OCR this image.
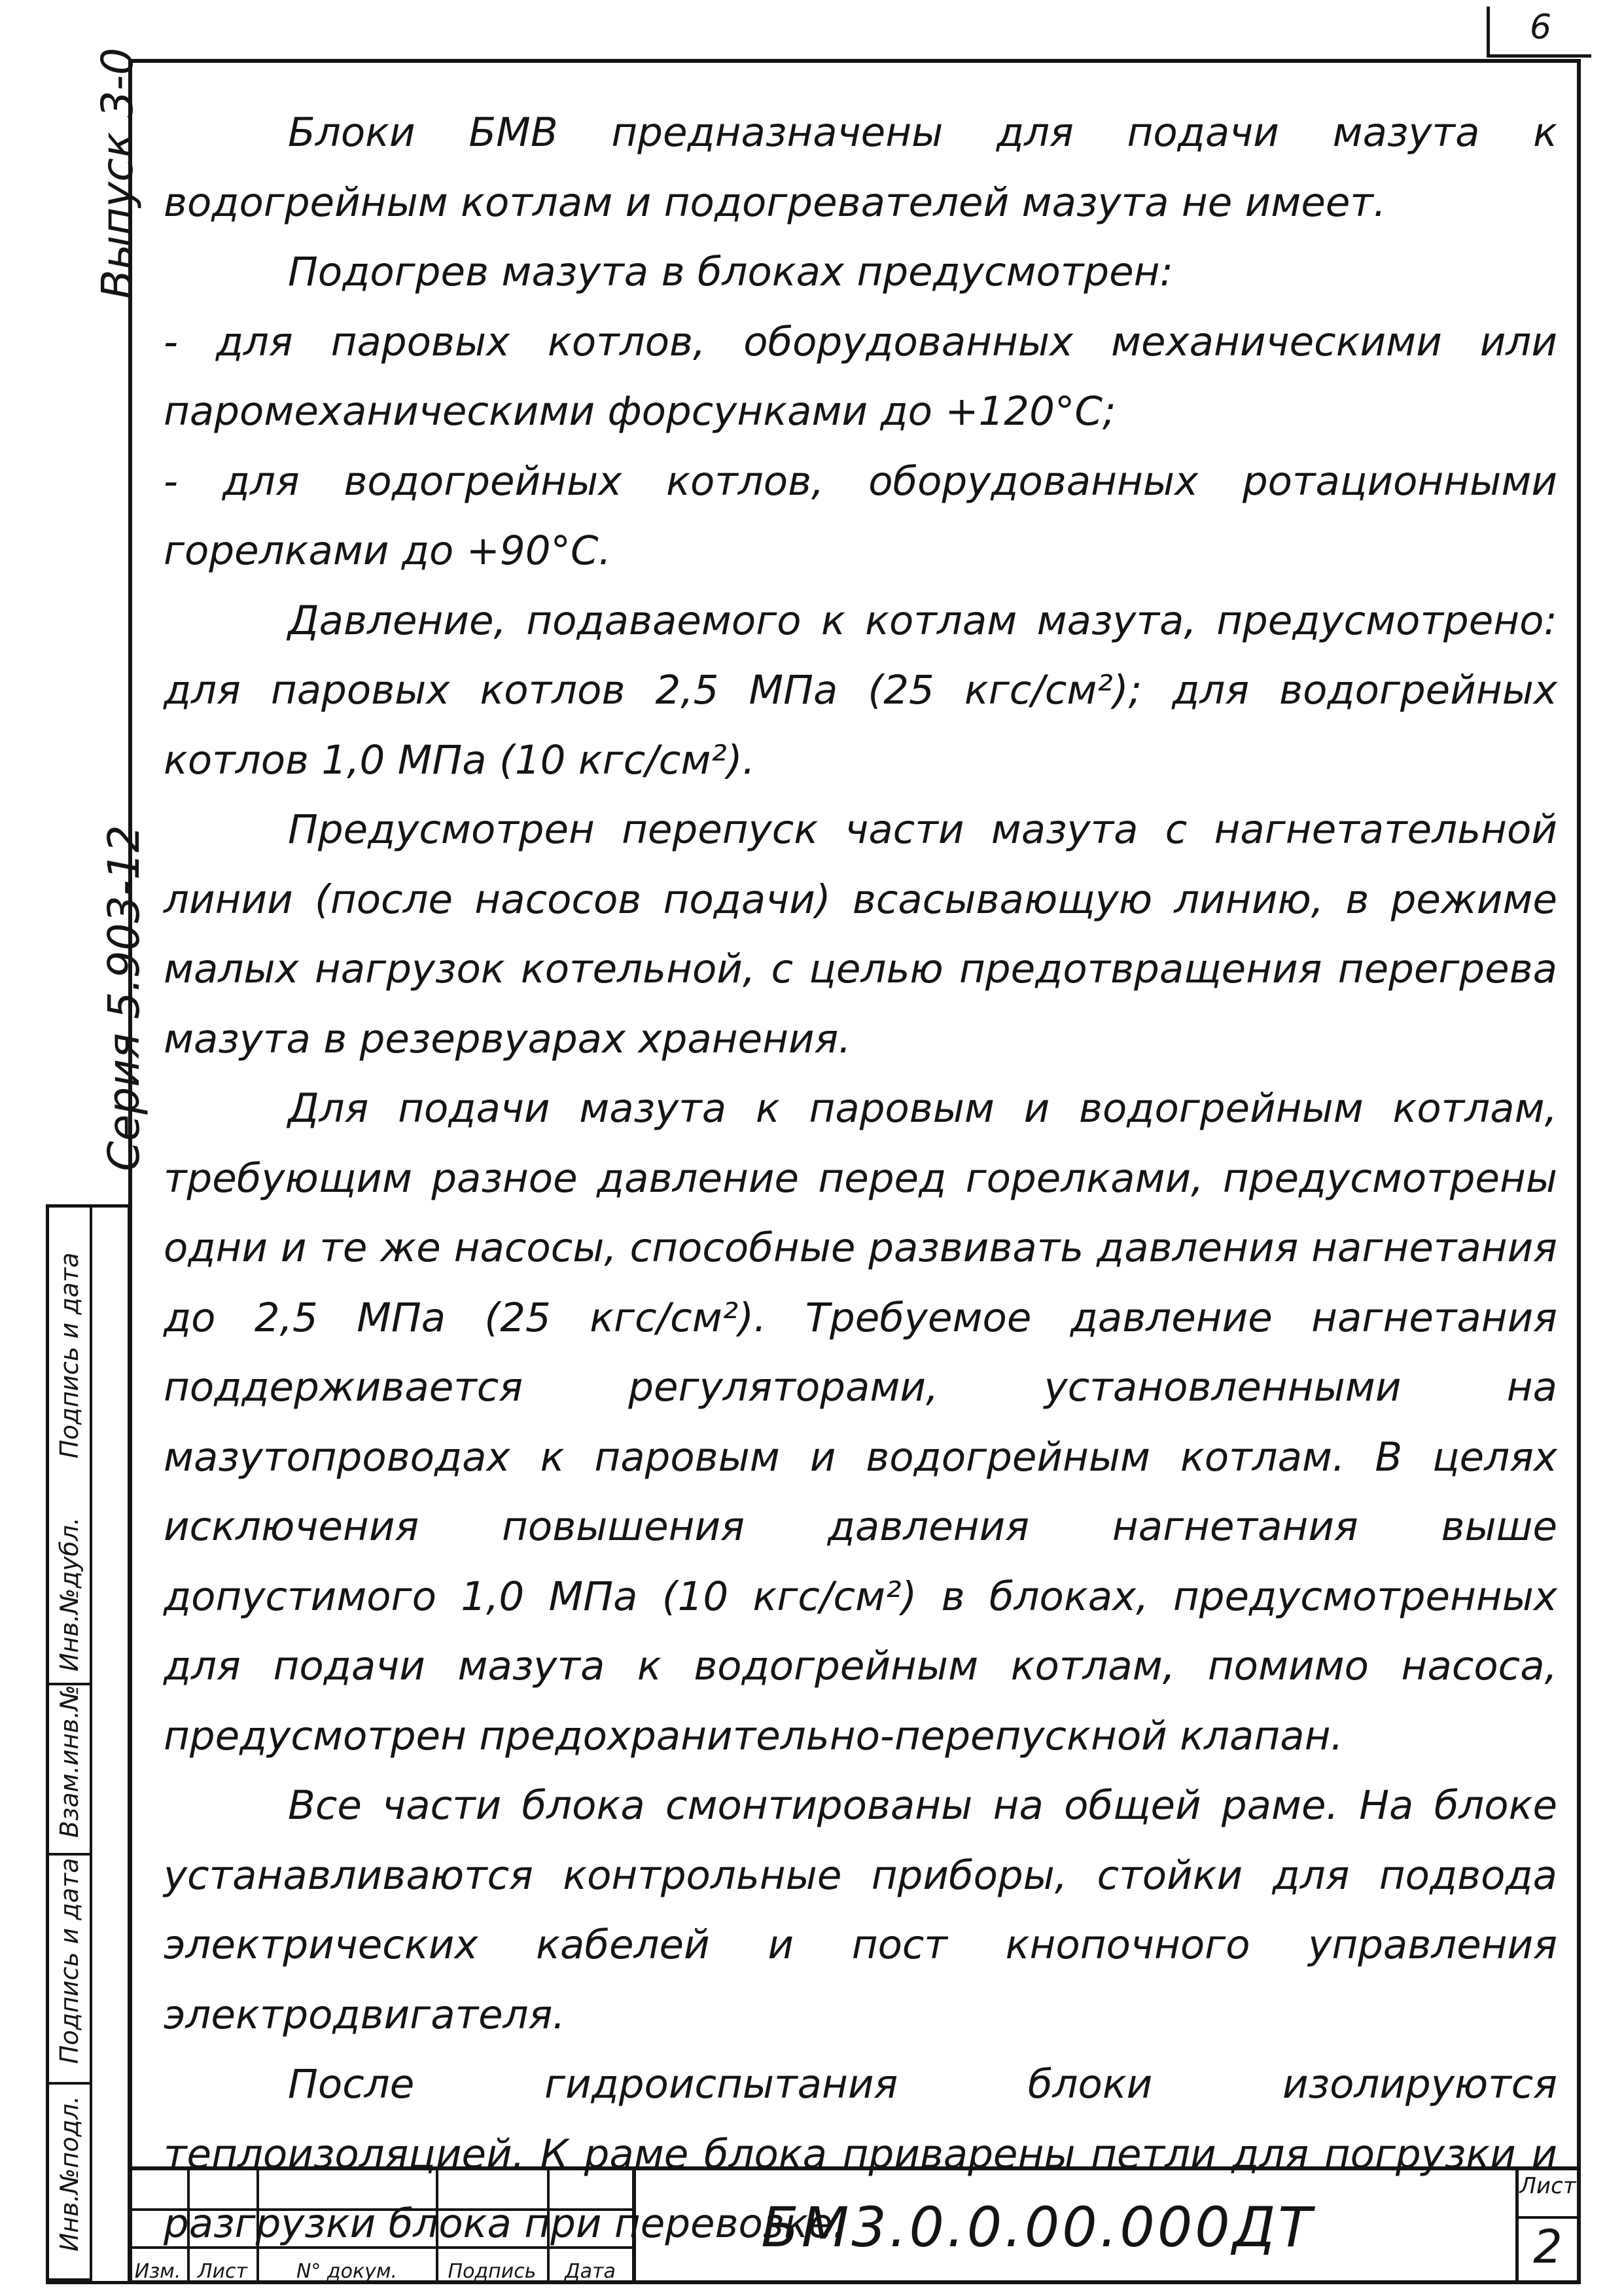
6
Выпуск 3-0
Серия 5.903-12
Инв.№подл.
Подпись и дата
Взам.инв.№
Инв.№дубл.
Подпись и дата

Блоки БМВ предназначены для подачи мазута к водогрейным котлам и подогревателей мазута не имеет.

Подогрев мазута в блоках предусмотрен:

- для паровых котлов, оборудованных механическими или паромеханическими форсунками до +120°С;

- для водогрейных котлов, оборудованных ротационными горелками до +90°С.

Давление, подаваемого к котлам мазута, предусмотрено: для паровых котлов 2,5 МПа (25 кгс/см²); для водогрейных котлов 1,0 МПа (10 кгс/см²).

Предусмотрен перепуск части мазута с нагнетательной линии (после насосов подачи) всасывающую линию, в режиме малых нагрузок котельной, с целью предотвращения перегрева мазута в резервуарах хранения.

Для подачи мазута к паровым и водогрейным котлам, требующим разное давление перед горелками, предусмотрены одни и те же насосы, способные развивать давления нагнетания до 2,5 МПа (25 кгс/см²). Требуемое давление нагнетания поддерживается регуляторами, установленными на мазутопроводах к паровым и водогрейным котлам. В целях исключения повышения давления нагнетания выше допустимого 1,0 МПа (10 кгс/см²) в блоках, предусмотренных для подачи мазута к водогрейным котлам, помимо насоса, предусмотрен предохранительно-перепускной клапан.

Все части блока смонтированы на общей раме. На блоке устанавливаются контрольные приборы, стойки для подвода электрических кабелей и пост кнопочного управления электродвигателя.

После гидроиспытания блоки изолируются теплоизоляцией. К раме блока приварены петли для погрузки и разгрузки блока при перевозке.

Изм. Лист	N° докум.	Подпись	Дата
БМ3.0.0.00.000ДТ
Лист
2
